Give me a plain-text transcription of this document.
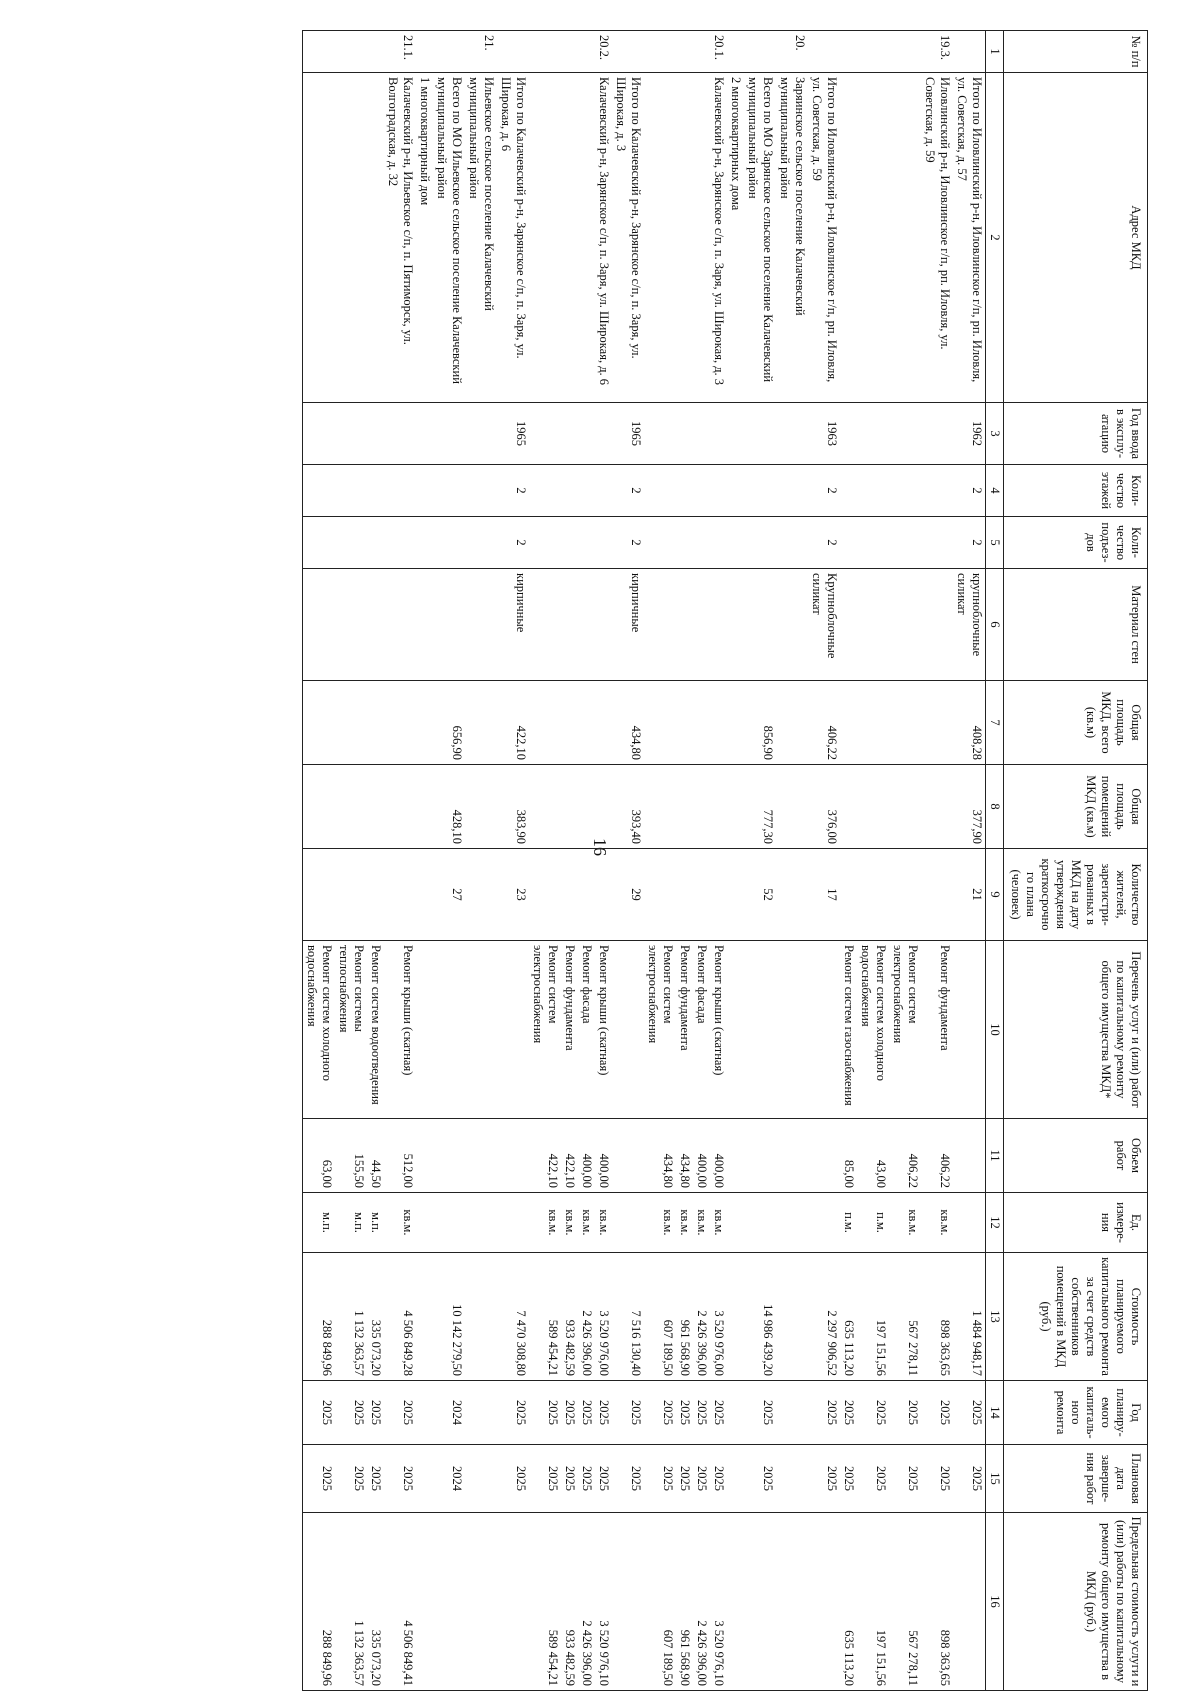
16
№ п/п	Адрес МКД	Год ввода в эксплу-атацию	Коли-чество этажей	Коли-чество подъез-дов	Материал стен	Общая площадь МКД, всего (кв.м)	Общая площадь помещений МКД (кв.м)	Количество жителей, зарегистри-рованных в МКД на дату утверждения краткосрочно го плана (человек)	Перечень услуг и (или) работ по капитальному ремонту общего имущества МКД*	Объем работ	Ед. измере-ния	Стоимость планируемого капитального ремонта за счет средств собственников помещений в МКД (руб.)	Год планиру-емого капиталь-ного ремонта	Плановая дата заверше-ния работ	Предельная стоимость услуги и (или) работы по капитальному ремонту общего имущества в МКД (руб.)
1	2	3	4	5	6	7	8	9	10	11	12	13	14	15	16
	Итого по Иловлинский р-н, Иловлинское г/п, рп. Иловля, ул. Советская, д. 57	1962	2	2	крупноблочные силикат	408,28	377,90	21				1 484 948,17	2025	2025	
19.3.	Иловлинский р-н, Иловлинское г/п, рп. Иловля, ул. Советская, д. 59								Ремонт фундамента	406,22	кв.м.	898 363,65	2025	2025	898 363,65
									Ремонт систем электроснабжения	406,22	кв.м.	567 278,11	2025	2025	567 278,11
									Ремонт систем холодного водоснабжения	43,00	п.м.	197 151,56	2025	2025	197 151,56
									Ремонт систем газоснабжения	85,00	п.м.	635 113,20	2025	2025	635 113,20
	Итого по Иловлинский р-н, Иловлинское г/п, рп. Иловля, ул. Советская, д. 59	1963	2	2	Крупноблочные силикат	406,22	376,00	17				2 297 906,52	2025	2025	
20.	Заряинское сельское поселение Калачевский муниципальный район														
	Всего по МО Зарянское сельское поселение Калачевский муниципальный район					856,90	777,30	52				14 986 439,20	2025	2025	
	2 многоквартирных дома														
20.1.	Калачевский р-н, Зарянское с/п, п. Заря, ул. Широкая, д. 3								Ремонт крыши (скатная)	400,00	кв.м.	3 520 976,00	2025	2025	3 520 976,10
									Ремонт фасада	400,00	кв.м.	2 426 396,00	2025	2025	2 426 396,00
									Ремонт фундамента	434,80	кв.м.	961 568,90	2025	2025	961 568,90
									Ремонт систем электроснабжения	434,80	кв.м.	607 189,50	2025	2025	607 189,50
	Итого по Калачевский р-н, Зарянское с/п, п. Заря, ул. Широкая, д. 3	1965	2	2	кирпичные	434,80	393,40	29				7 516 130,40	2025	2025	
20.2.	Калачевский р-н, Зарянское с/п, п. Заря, ул. Широкая, д. 6								Ремонт крыши (скатная)	400,00	кв.м.	3 520 976,00	2025	2025	3 520 976,10
									Ремонт фасада	400,00	кв.м.	2 426 396,00	2025	2025	2 426 396,00
									Ремонт фундамента	422,10	кв.м.	933 482,59	2025	2025	933 482,59
									Ремонт систем электроснабжения	422,10	кв.м.	589 454,21	2025	2025	589 454,21
	Итого по Калачевский р-н, Зарянское с/п, п. Заря, ул. Широкая, д. 6	1965	2	2	кирпичные	422,10	383,90	23				7 470 308,80	2025	2025	
21.	Ильевское сельское поселение Калачевский муниципальный район														
	Всего по МО Ильевское сельское поселение Калачевский муниципальный район					656,90	428,10	27				10 142 279,50	2024	2024	
	1 многоквартирный дом														
21.1.	Калачевский р-н, Ильевское с/п, п. Пятиморск, ул. Волгоградская, д. 32								Ремонт крыши (скатная)	512,00	кв.м.	4 506 849,28	2025	2025	4 506 849,41
									Ремонт систем водоотведения	44,50	м.п.	335 073,20	2025	2025	335 073,20
									Ремонт системы теплоснабжения	155,50	м.п.	1 132 363,57	2025	2025	1 132 363,57
									Ремонт систем холодного водоснабжения	63,00	м.п.	288 849,96	2025	2025	288 849,96
